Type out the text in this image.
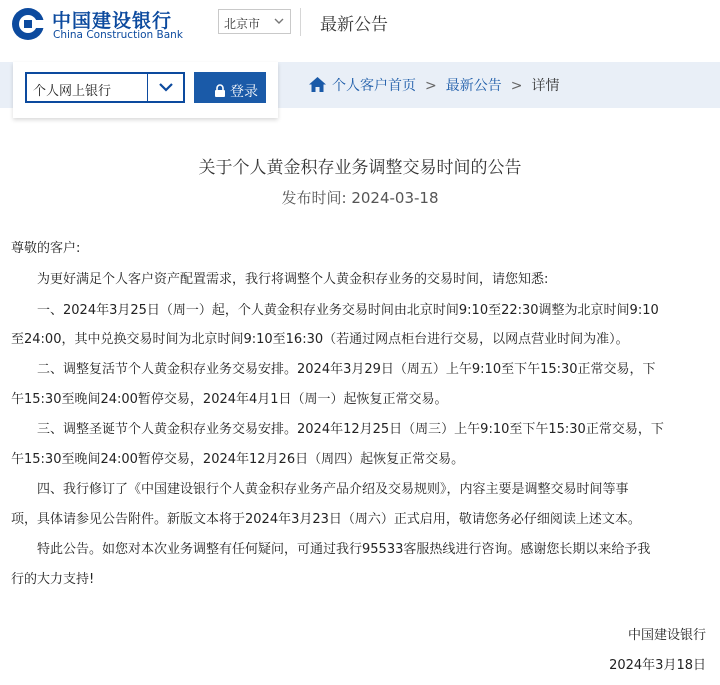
中国建设银行
China Construction Bank
北京市	最新公告
个人网上银行	登录	个人客户首页 > 最新公告 > 详情
关于个人黄金积存业务调整交易时间的公告
发布时间: 2024-03-18
尊敬的客户:
为更好满足个人客户资产配置需求，我行将调整个人黄金积存业务的交易时间，请您知悉:
一、2024年3月25日（周一）起，个人黄金积存业务交易时间由北京时间9:10至22:30调整为北京时间9:10
至24:00，其中兑换交易时间为北京时间9:10至16:30（若通过网点柜台进行交易，以网点营业时间为准）。
二、调整复活节个人黄金积存业务交易安排。2024年3月29日（周五）上午9:10至下午15:30正常交易，下
午15:30至晚间24:00暂停交易，2024年4月1日（周一）起恢复正常交易。
三、调整圣诞节个人黄金积存业务交易安排。2024年12月25日（周三）上午9:10至下午15:30正常交易，下
午15:30至晚间24:00暂停交易，2024年12月26日（周四）起恢复正常交易。
四、我行修订了《中国建设银行个人黄金积存业务产品介绍及交易规则》，内容主要是调整交易时间等事
项，具体请参见公告附件。新版文本将于2024年3月23日（周六）正式启用，敬请您务必仔细阅读上述文本。
特此公告。如您对本次业务调整有任何疑问，可通过我行95533客服热线进行咨询。感谢您长期以来给予我
行的大力支持!
中国建设银行
2024年3月18日
